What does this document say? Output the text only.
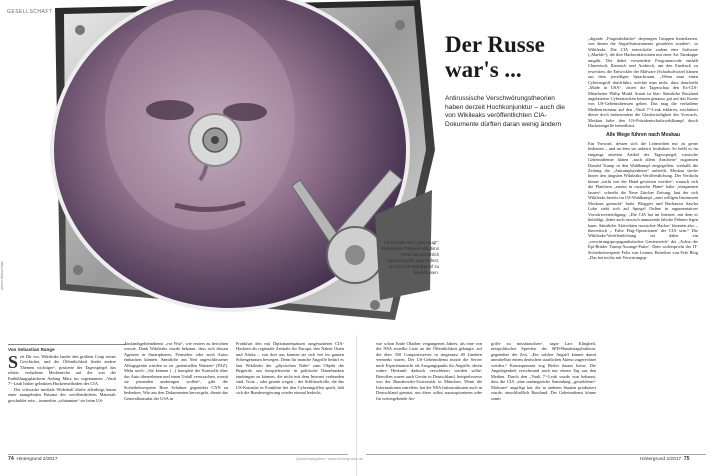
GESELLSCHAFT
picture alliance/dpa
US-Dienste sind „überzeugt“: Russlands Präsident Wladimir Putin hat persönlich Hackerangriffe angeordnet, um den US-Wahlkampf zu beeinflussen.
Der Russe war's ...
Antirussische Verschwörungstheorien haben derzeit Hochkonjunktur – auch die von Wikileaks veröffentlichten CIA-Dokumente dürften daran wenig ändern
Von Sebastian Range

Seit Dir vor, Wikileaks landet den größten Coup seiner Geschichte, und die Öffentlichkeit findet andere Themen wichtiger“, postierte der Tagesspiegel das relativ verhaltene Medienecho auf die von der Enthüllungsplattform Anfang März im sogenannten „Vault 7“-Leak bisher geleakten Hackermethoden des CIA.

Der schwache mediale Widerhall dürfte allerdings kaum einer mangelnden Brisanz des veröffentlichten Materials geschuldet sein – immerhin „schäumten“ sie beim US-

Auslandsgeheimdienst „vor Wut“, wie reuters zu berichten wusste. Dank Wikileaks wurde bekannt, dass sich dessen Agenten in Smartphones, Fernseher oder auch Autos einhacken können. Sämtliche aus Nett angeschlossener Alltagsgeräte würden so zu „potentiellen Wanzen“ (FAZ). Mehr noch: „Sie können (...) komplett die Kontrolle über das Auto übernehmen und einen Unfall verursachen, womit sie jemanden umbringen wollen“, gibt der Sicherheitsexperte Rose Schulner gegenüber CNN zu bedenken. Wie aus den Dokumenten hervorgeht, diente das Generalkonsulat der USA in
Frankfurt den mit Diplomatenpässen ausgestatteten CIA-Hackern als regionale Zentrale für Europa, den Nahen Osten und Afrika – von dort aus können sie sich frei im ganzen Schengenraum bewegen. Denn für manche Angriffe bedarf es laut Wikileaks der „physischen Nähe“ zum Objekt der Begierde, um beispielsweise in politische Datenbanken eindringen zu können, die nicht mit dem Internet verbunden sind. Trotz – oder gerade wegen – der Schlüsselrolle, die das US-Konsulat in Frankfurt bei den Cyberangriffen spielt, hält sich die Bundesregierung wieder einmal bedeckt,
wie schon Ende Oktober vergangenen Jahres, als eine von der NSA erstellte Liste an die Öffentlichkeit gelangte, auf der über 350 Computerserver in insgesamt 49 Ländern vermerkt waren. Der US-Geheimdienst nutzte die Server nach Expertenansicht als Ausgangspunkt für Angriffe, deren wahre Herkunft dadurch verschleiert werden sollte. Betroffen waren auch Geräte in Deutschland, beispielsweise von der Bundeswehr-Universität in München, Wenn die Informationen zutreffen, hat die NSA Infrastrukturen auch in Deutschland genutzt, um diese selbst auszuspionieren oder für weitergehende An-
griffe zu missbrauchen“, sagte Lars Klingbeil, netzpolitischer Sprecher der SPD-Bundestagsfraktion, gegenüber der Zeit. „Ein solcher Angriff könnte damit unmittelbar einem deutschen staatlichen Akteur zugerechnet werden.“ Konsequenzen zog Berlin daraus keine. Die Angelegenheit verschwand nach nur einem Tag aus den Medien. Durch den „Vault 7“-Leak wurde nun bekannt, dass die CIA „eine umfangreiche Sammlung „gestohlener“ Malware“ angelegt hat, die in anderen Staaten produziert wurde, einschließlich Russland. Der Geheimdienst könne somit

„digitale „Fingerabdrücke“ derjenigen Gruppen hinterlassen, von denen die Angriffsinstrumente gestohlen wurden“, so Wikileaks. Die CIA entwickelte zudem eine Software („Marble“), die ihre Hackeraktivitäten mit einer Art Tarnkappe umgibt. Der dabei verwendete Programmcode enthält Chinesisch, Russisch und Arabisch, um den Eindruck zu erwecken, die Entwickler der Malware (Schadsoftware) kämen aus dem jeweiligen Sprachraum. „Wenn man einen Cyberangriff durchführt, möchte man nicht, dass draufsteht „Made in USA“, zitiert die Tagesschau den Ex-CIA-Mitarbeiter Philip Mudd. Somit ist klar: Sämtliche Russland angelasteten Cyberattacken können genauso gut auf das Konto von US-Geheimdiensten gehen. Das mag die verhaltene Medienresonanz auf den „Vault 7“-Leak erklären, erschüttert dieser doch insbesondere die Glaubwürdigkeit des Vorwurfs, Moskau habe den US-Präsidentschaftswahlkampf durch Hackerangriffe beeinflusst.

Alle Wege führen nach Moskau

Ein Vorwurf, dessen sich die Leitmedien nur zu gerne bedienen – und an dem sie unbeirrt festhalten. So heißt es im eingangs zitierten Artikel des Tagesspiegel, russische Geheimdienste hätten „nach allem Anschein“ zugunsten Donald Trump in den Wahlkampf eingegriffen, weshalb die Zeitung die „Antrumpbyotheise“ aufstellt, Moskau stecke hinter den jüngsten Wikileaks-Veröffentlichung. Der Verdacht könne „nicht von der Hand gewiesen werden“, wonach sich die Plattform „erneut in russische Pläne“ habe „einspannen lassen“, schreibt die Neue Zürcher Zeitung, laut der sich Wikileaks bereits im US-Wahlkampf „zum willigen Instrument Moskaus gemacht“ hatte. Bloggerr und Buchautor Sascha Lobo sieht sich auf Spiegel Online in argumentativer Vorwärtsverteidigung: „Die CIA hat im Internet, mit dem es befiehlgt, daher auch russisch anmutende falsche Fährten legen kann. Sämtliche Aktivitäten russischer Hacker' könnten also – theoretisch – False Flag-Operationen' der CIA sein.“ Die Wikileaks-Veröffentlichung sei daher ein „verwirrungspropagandistischer Geniestreich“ der „Achse der Epi-Brüder Trump-Assange-Putin“. Dem widerspricht der IT-Sicherheitsexperte Felix von Leitner, Betreiber von Fefe Blog „Das hat nichts mit Verwirrungsp-

74 Hintergrund 2/2017	Quellenangaben: www.hintergrund.de	Hintergrund 2/2017 75
